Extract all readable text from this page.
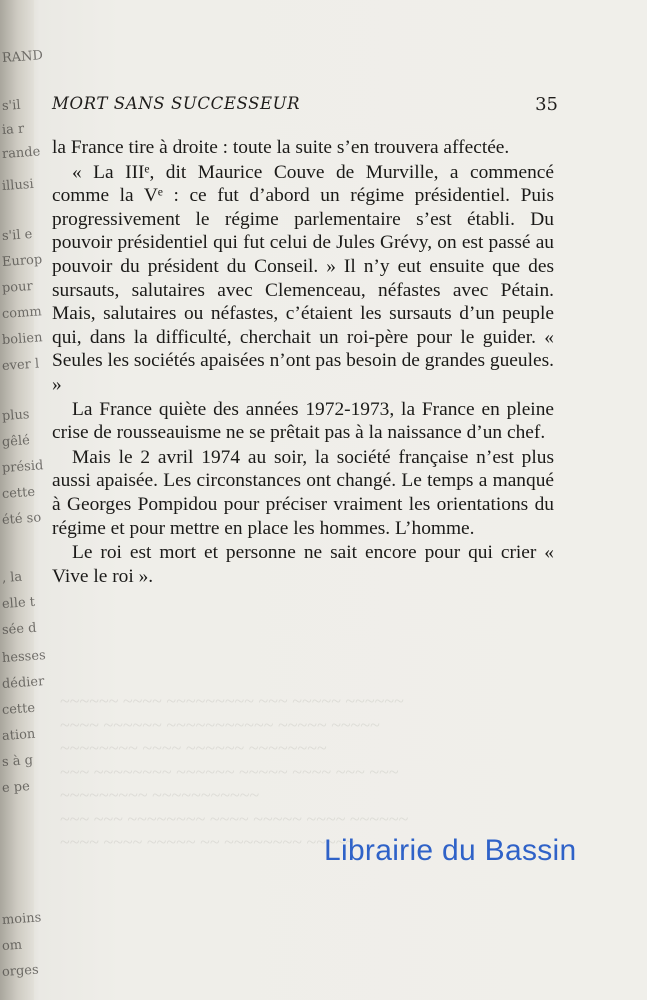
RAND
s'il
ia r
rande
illusi
s'il e
Europ
pour
comm
bolien
ever l
plus
gêlé
présid
cette
été so
, la
elle t
sée d
hesses
dédier
cette
ation
s à g
e pe
moins
om
orges
MORT SANS SUCCESSEUR	35

la France tire à droite : toute la suite s’en trouvera affectée.

« La IIIᵉ, dit Maurice Couve de Murville, a commencé comme la Vᵉ : ce fut d’abord un régime présidentiel. Puis progressivement le régime parlementaire s’est établi. Du pouvoir présidentiel qui fut celui de Jules Grévy, on est passé au pouvoir du président du Conseil. » Il n’y eut ensuite que des sursauts, salutaires avec Clemenceau, néfastes avec Pétain. Mais, salutaires ou néfastes, c’étaient les sursauts d’un peuple qui, dans la difficulté, cherchait un roi-père pour le guider. « Seules les sociétés apaisées n’ont pas besoin de grandes gueules. »

La France quiète des années 1972-1973, la France en pleine crise de rousseauisme ne se prêtait pas à la naissance d’un chef.

Mais le 2 avril 1974 au soir, la société française n’est plus aussi apaisée. Les circonstances ont changé. Le temps a manqué à Georges Pompidou pour préciser vraiment les orientations du régime et pour mettre en place les hommes. L’homme.

Le roi est mort et personne ne sait encore pour qui crier « Vive le roi ».

~~~~~~ ~~~~ ~~~~~~~~~ ~~~ ~~~~~ ~~~~~~
~~~~ ~~~~~~ ~~~~~~~~~~~ ~~~~~ ~~~~~
~~~~~~~~ ~~~~ ~~~~~~ ~~~~~~~~
~~~ ~~~~~~~~ ~~~~~~ ~~~~~ ~~~~ ~~~ ~~~
~~~~~~~~~ ~~~~~~~~~~~
~~~ ~~~ ~~~~~~~~ ~~~~ ~~~~~ ~~~~ ~~~~~~
~~~~ ~~~~ ~~~~~ ~~ ~~~~~~~~ ~~~~~
Librairie du Bassin
